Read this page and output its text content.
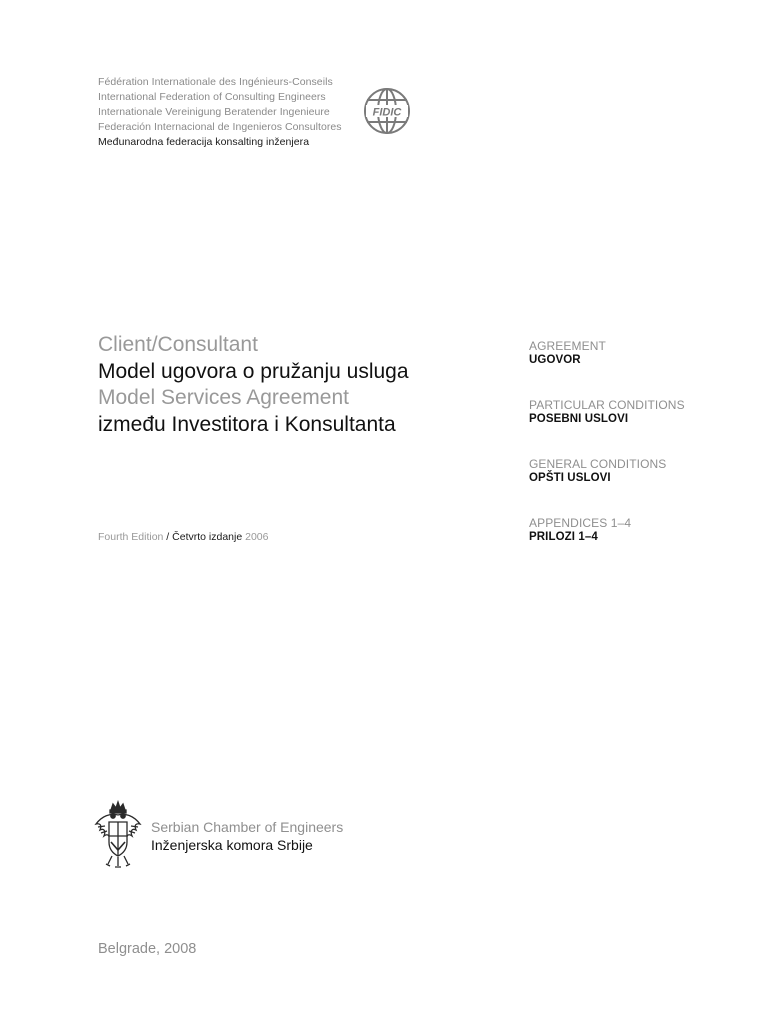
Fédération Internationale des Ingénieurs-Conseils
International Federation of Consulting Engineers
Internationale Vereinigung Beratender Ingenieure
Federación Internacional de Ingenieros Consultores
Međunarodna federacija konsalting inženjera
FIDIC
Client/Consultant
Model ugovora o pružanju usluga
Model Services Agreement
između Investitora i Konsultanta
Fourth Edition / Četvrto izdanje 2006
AGREEMENT
UGOVOR
PARTICULAR CONDITIONS
POSEBNI USLOVI
GENERAL CONDITIONS
OPŠTI USLOVI
APPENDICES 1–4
PRILOZI 1–4
Serbian Chamber of Engineers
Inženjerska komora Srbije
Belgrade, 2008
